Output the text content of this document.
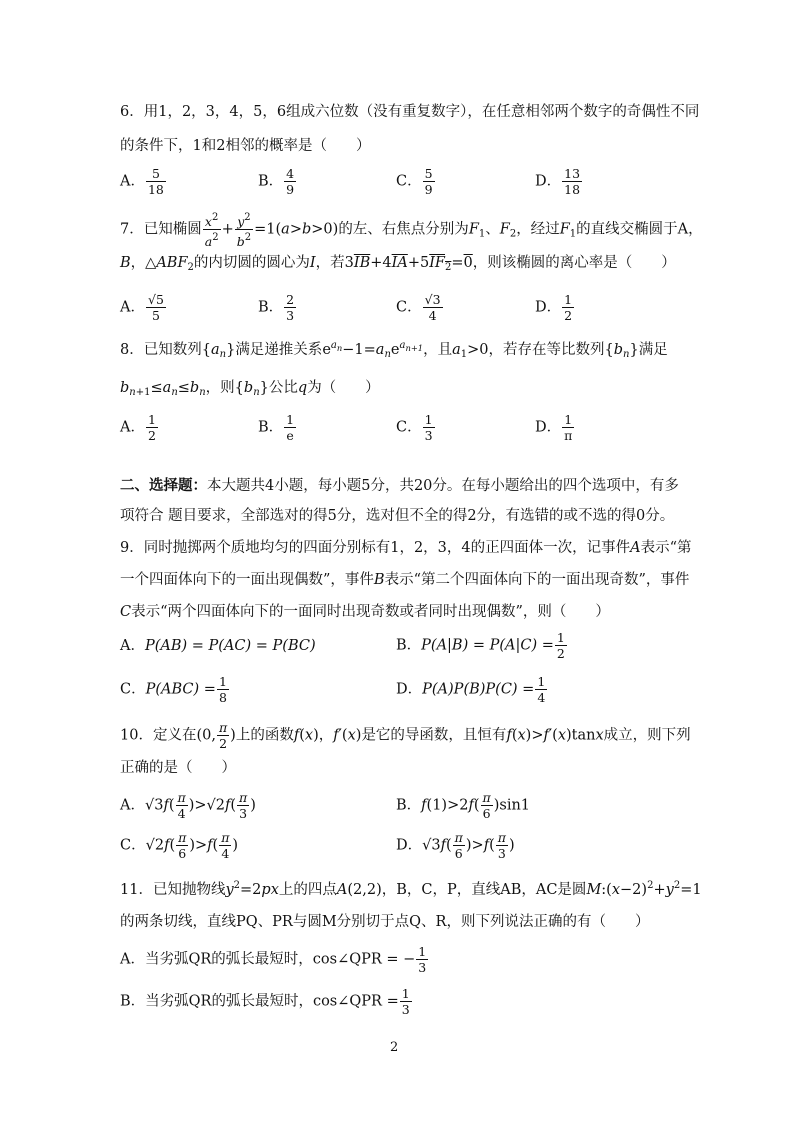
6．用1，2，3，4，5，6组成六位数（没有重复数字），在任意相邻两个数字的奇偶性不同
的条件下，1和2相邻的概率是（　　）
A． $\frac{5}{18}$	B． $\frac{4}{9}$	C． $\frac{5}{9}$	D． $\frac{13}{18}$
7．已知椭圆 $\frac{x^2}{a^2} + \frac{y^2}{b^2} =1(a>b>0)$的左、右焦点分别为$F_1$、$F_2$，经过$F_1$的直线交椭圆于A，
B，$\triangle ABF_2$的内切圆的圆心为I，若$3\overline{IB}+4\overline{IA}+5IF_2=0$，则该椭圆的离心率是（　　）
A． $\frac{√5}{5}$	B． $\frac{2}{3}$	C． $\frac{√3}{4}$	D． $\frac{1}{2}$
8．已知数列$\{a_n\}$满足递推关系$e^{a_n}-1=a_ne^{a_{n+1}}$，且$a_1>0$，若存在等比数列$\{b_n\}$满足
$b_{n+1}\le a_n\le b_n$，则$\{b_n\}$公比q为（　　）
A． $\frac{1}{2}$	B． $\frac{1}{e}$	C． $\frac{1}{3}$	D． $\frac{1}{\pi}$
二、选择题：本大题共4小题，每小题5分，共20分。在每小题给出的四个选项中，有多
项符合 题目要求，全部选对的得5分，选对但不全的得2分，有选错的或不选的得0分。
9．同时抛掷两个质地均匀的四面分别标有1，2，3，4的正四面体一次，记事件A表示“第
一个四面体向下的一面出现偶数”，事件B表示“第二个四面体向下的一面出现奇数”，事件
C表示“两个四面体向下的一面同时出现奇数或者同时出现偶数”，则（　　）
A．P(AB) = P(AC) = P(BC)	B．$P(A|B) = P(A|C) = \frac{1}{2}$
C．$P(ABC) = \frac{1}{8}$	D．$P(A)P(B)P(C) = \frac{1}{4}$
10．定义在(0, $\frac{\pi}{2}$ )上的函数f(x)，f′(x)是它的导函数，且恒有f(x)>f′(x)tanx成立，则下列
正确的是（　　）
A．$√3f( \frac{\pi}{4} )>√2f( \frac{\pi}{3}$ )	B．$f(1)>2f( \frac{\pi}{6} )\sin 1$
C．$√2f( \frac{\pi}{6} )>f( \frac{\pi}{4}$ )	D．$√3f( \frac{\pi}{6} )>f( \frac{\pi}{3}$ )
11．已知抛物线$y^2=2px$上的四点A(2,2)，B，C，P，直线AB，AC是圆$M:(x-2)^2+y^2=1$
的两条切线，直线PQ、PR与圆M分别切于点Q、R，则下列说法正确的有（　　）
A．当劣弧QR的弧长最短时，cos∠QPR = − $\frac{1}{3}$
B．当劣弧QR的弧长最短时，cos∠QPR = $\frac{1}{3}$
2
